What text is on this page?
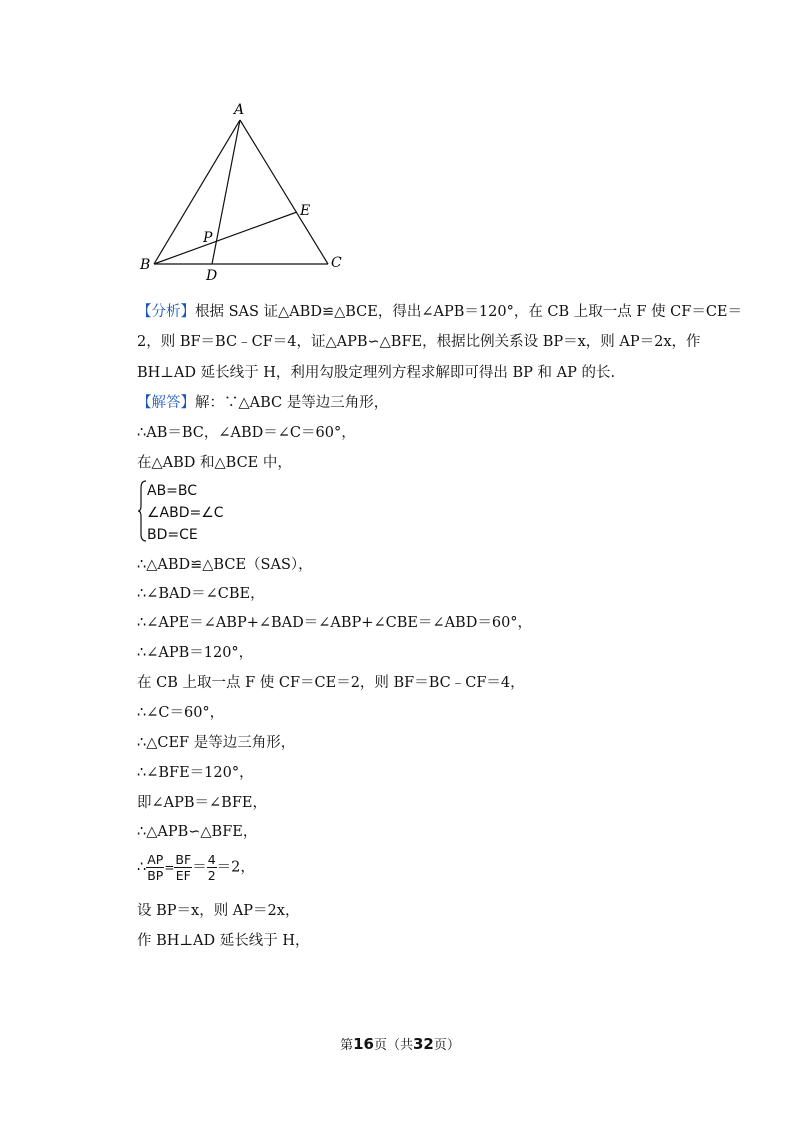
A
B	C
D
E
P
【分析】根据 SAS 证△ABD≌△BCE，得出∠APB＝120°，在 CB 上取一点 F 使 CF＝CE＝
2，则 BF＝BC﹣CF＝4，证△APB∽△BFE，根据比例关系设 BP＝x，则 AP＝2x，作
BH⊥AD 延长线于 H，利用勾股定理列方程求解即可得出 BP 和 AP 的长.
【解答】解：∵△ABC 是等边三角形，
∴AB＝BC，∠ABD＝∠C＝60°，
在△ABD 和△BCE 中，
AB=BC
∠ABD=∠C
BD=CE
∴△ABD≌△BCE（SAS），
∴∠BAD＝∠CBE，
∴∠APE＝∠ABP+∠BAD＝∠ABP+∠CBE＝∠ABD＝60°，
∴∠APB＝120°，
在 CB 上取一点 F 使 CF＝CE＝2，则 BF＝BC﹣CF＝4，
∴∠C＝60°，
∴△CEF 是等边三角形，
∴∠BFE＝120°，
即∠APB＝∠BFE，
∴△APB∽△BFE，
∴ $\frac{AP}{BP} = \frac{BF}{EF} = \frac{4}{2} =2$，
设 BP＝x，则 AP＝2x，
作 BH⊥AD 延长线于 H，
第16页（共32页）
